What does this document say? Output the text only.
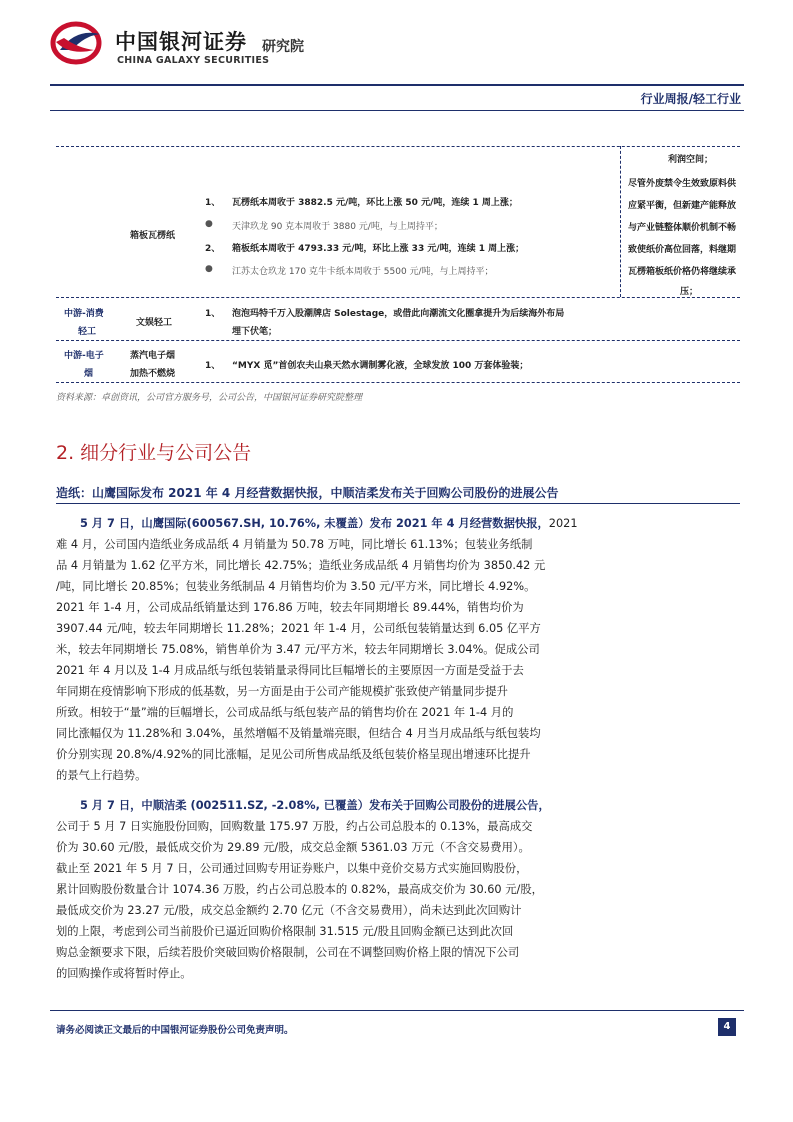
中国银河证券
CHINA GALAXY SECURITIES
研究院
行业周报/轻工行业
箱板瓦楞纸
1、 瓦楞纸本周收于 3882.5 元/吨，环比上涨 50 元/吨，连续 1 周上涨；
● 天津玖龙 90 克本周收于 3880 元/吨，与上周持平；
2、 箱板纸本周收于 4793.33 元/吨，环比上涨 33 元/吨，连续 1 周上涨；
● 江苏太仓玖龙 170 克牛卡纸本周收于 5500 元/吨，与上周持平；
利润空间；
尽管外废禁令生效致原料供
应紧平衡，但新建产能释放
与产业链整体顺价机制不畅
致使纸价高位回落，料继期
瓦楞箱板纸价格仍将继续承
压；
中游-消费
轻工
文娱轻工
1、 泡泡玛特千万入股潮牌店 Solestage，或借此向潮流文化圈拿提升为后续海外布局
埋下伏笔；
中游-电子
烟
蒸汽电子烟
加热不燃烧
1、 “MYX 觅”首创农夫山泉天然水调制雾化液，全球发放 100 万套体验装；
资料来源：卓创资讯，公司官方服务号，公司公告，中国银河证券研究院整理
2. 细分行业与公司公告
造纸：山鹰国际发布 2021 年 4 月经营数据快报，中顺洁柔发布关于回购公司股份的进展公告
5 月 7 日，山鹰国际(600567.SH, 10.76%, 未覆盖）发布 2021 年 4 月经营数据快报，2021
难 4 月，公司国内造纸业务成品纸 4 月销量为 50.78 万吨，同比增长 61.13%；包装业务纸制
品 4 月销量为 1.62 亿平方米，同比增长 42.75%；造纸业务成品纸 4 月销售均价为 3850.42 元
/吨，同比增长 20.85%；包装业务纸制品 4 月销售均价为 3.50 元/平方米，同比增长 4.92%。
2021 年 1-4 月，公司成品纸销量达到 176.86 万吨，较去年同期增长 89.44%，销售均价为
3907.44 元/吨，较去年同期增长 11.28%；2021 年 1-4 月，公司纸包装销量达到 6.05 亿平方
米，较去年同期增长 75.08%，销售单价为 3.47 元/平方米，较去年同期增长 3.04%。促成公司
2021 年 4 月以及 1-4 月成品纸与纸包装销量录得同比巨幅增长的主要原因一方面是受益于去
年同期在疫情影响下形成的低基数，另一方面是由于公司产能规模扩张致使产销量同步提升
所致。相较于“量”端的巨幅增长，公司成品纸与纸包装产品的销售均价在 2021 年 1-4 月的
同比涨幅仅为 11.28%和 3.04%，虽然增幅不及销量端亮眼，但结合 4 月当月成品纸与纸包装均
价分别实现 20.8%/4.92%的同比涨幅，足见公司所售成品纸及纸包装价格呈现出增速环比提升
的景气上行趋势。
5 月 7 日，中顺洁柔 (002511.SZ, -2.08%, 已覆盖）发布关于回购公司股份的进展公告，
公司于 5 月 7 日实施股份回购，回购数量 175.97 万股，约占公司总股本的 0.13%，最高成交
价为 30.60 元/股，最低成交价为 29.89 元/股，成交总金额 5361.03 万元（不含交易费用）。
截止至 2021 年 5 月 7 日，公司通过回购专用证券账户，以集中竞价交易方式实施回购股份，
累计回购股份数量合计 1074.36 万股，约占公司总股本的 0.82%，最高成交价为 30.60 元/股，
最低成交价为 23.27 元/股，成交总金额约 2.70 亿元（不含交易费用），尚未达到此次回购计
划的上限，考虑到公司当前股价已逼近回购价格限制 31.515 元/股且回购金额已达到此次回
购总金额要求下限，后续若股价突破回购价格限制，公司在不调整回购价格上限的情况下公司
的回购操作或将暂时停止。
请务必阅读正文最后的中国银河证券股份公司免责声明。	4
